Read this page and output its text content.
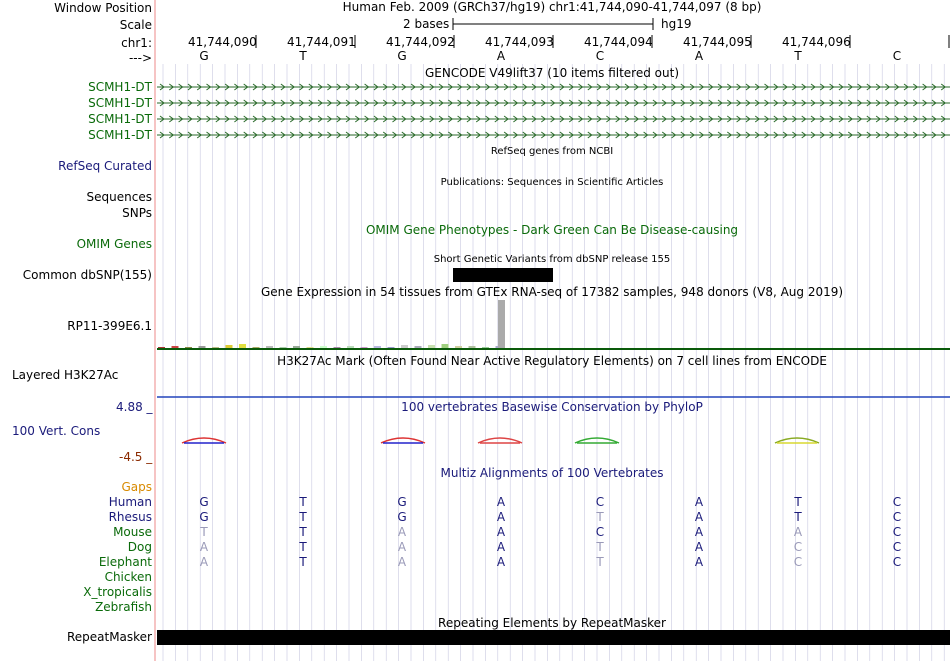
Window Position	Human Feb. 2009 (GRCh37/hg19) chr1:41,744,090-41,744,097 (8 bp)
Scale	2 bases	hg19
chr1:	41,744,090	41,744,091	41,744,092	41,744,093	41,744,094	41,744,095	41,744,096
--->	G	T	G	A	C	A	T	C
GENCODE V49lift37 (10 items filtered out)
SCMH1-DT
SCMH1-DT
SCMH1-DT
SCMH1-DT
RefSeq Curated
RefSeq genes from NCBI
Publications: Sequences in Scientific Articles
Sequences
SNPs
OMIM Gene Phenotypes - Dark Green Can Be Disease-causing
OMIM Genes
Short Genetic Variants from dbSNP release 155
Common dbSNP(155)
Gene Expression in 54 tissues from GTEx RNA-seq of 17382 samples, 948 donors (V8, Aug 2019)
RP11-399E6.1
H3K27Ac Mark (Often Found Near Active Regulatory Elements) on 7 cell lines from ENCODE
Layered H3K27Ac
4.88 _	100 vertebrates Basewise Conservation by PhyloP
100 Vert. Cons
-4.5 _
Multiz Alignments of 100 Vertebrates
Gaps
Human	G	T	G	A	C	A	T	C
Rhesus	G	T	G	A	T	A	T	C
Mouse	T	T	A	A	C	A	A	C
Dog	A	T	A	A	T	A	C	C
Elephant	A	T	A	A	T	A	C	C
Chicken
X_tropicalis
Zebrafish
Repeating Elements by RepeatMasker
RepeatMasker
